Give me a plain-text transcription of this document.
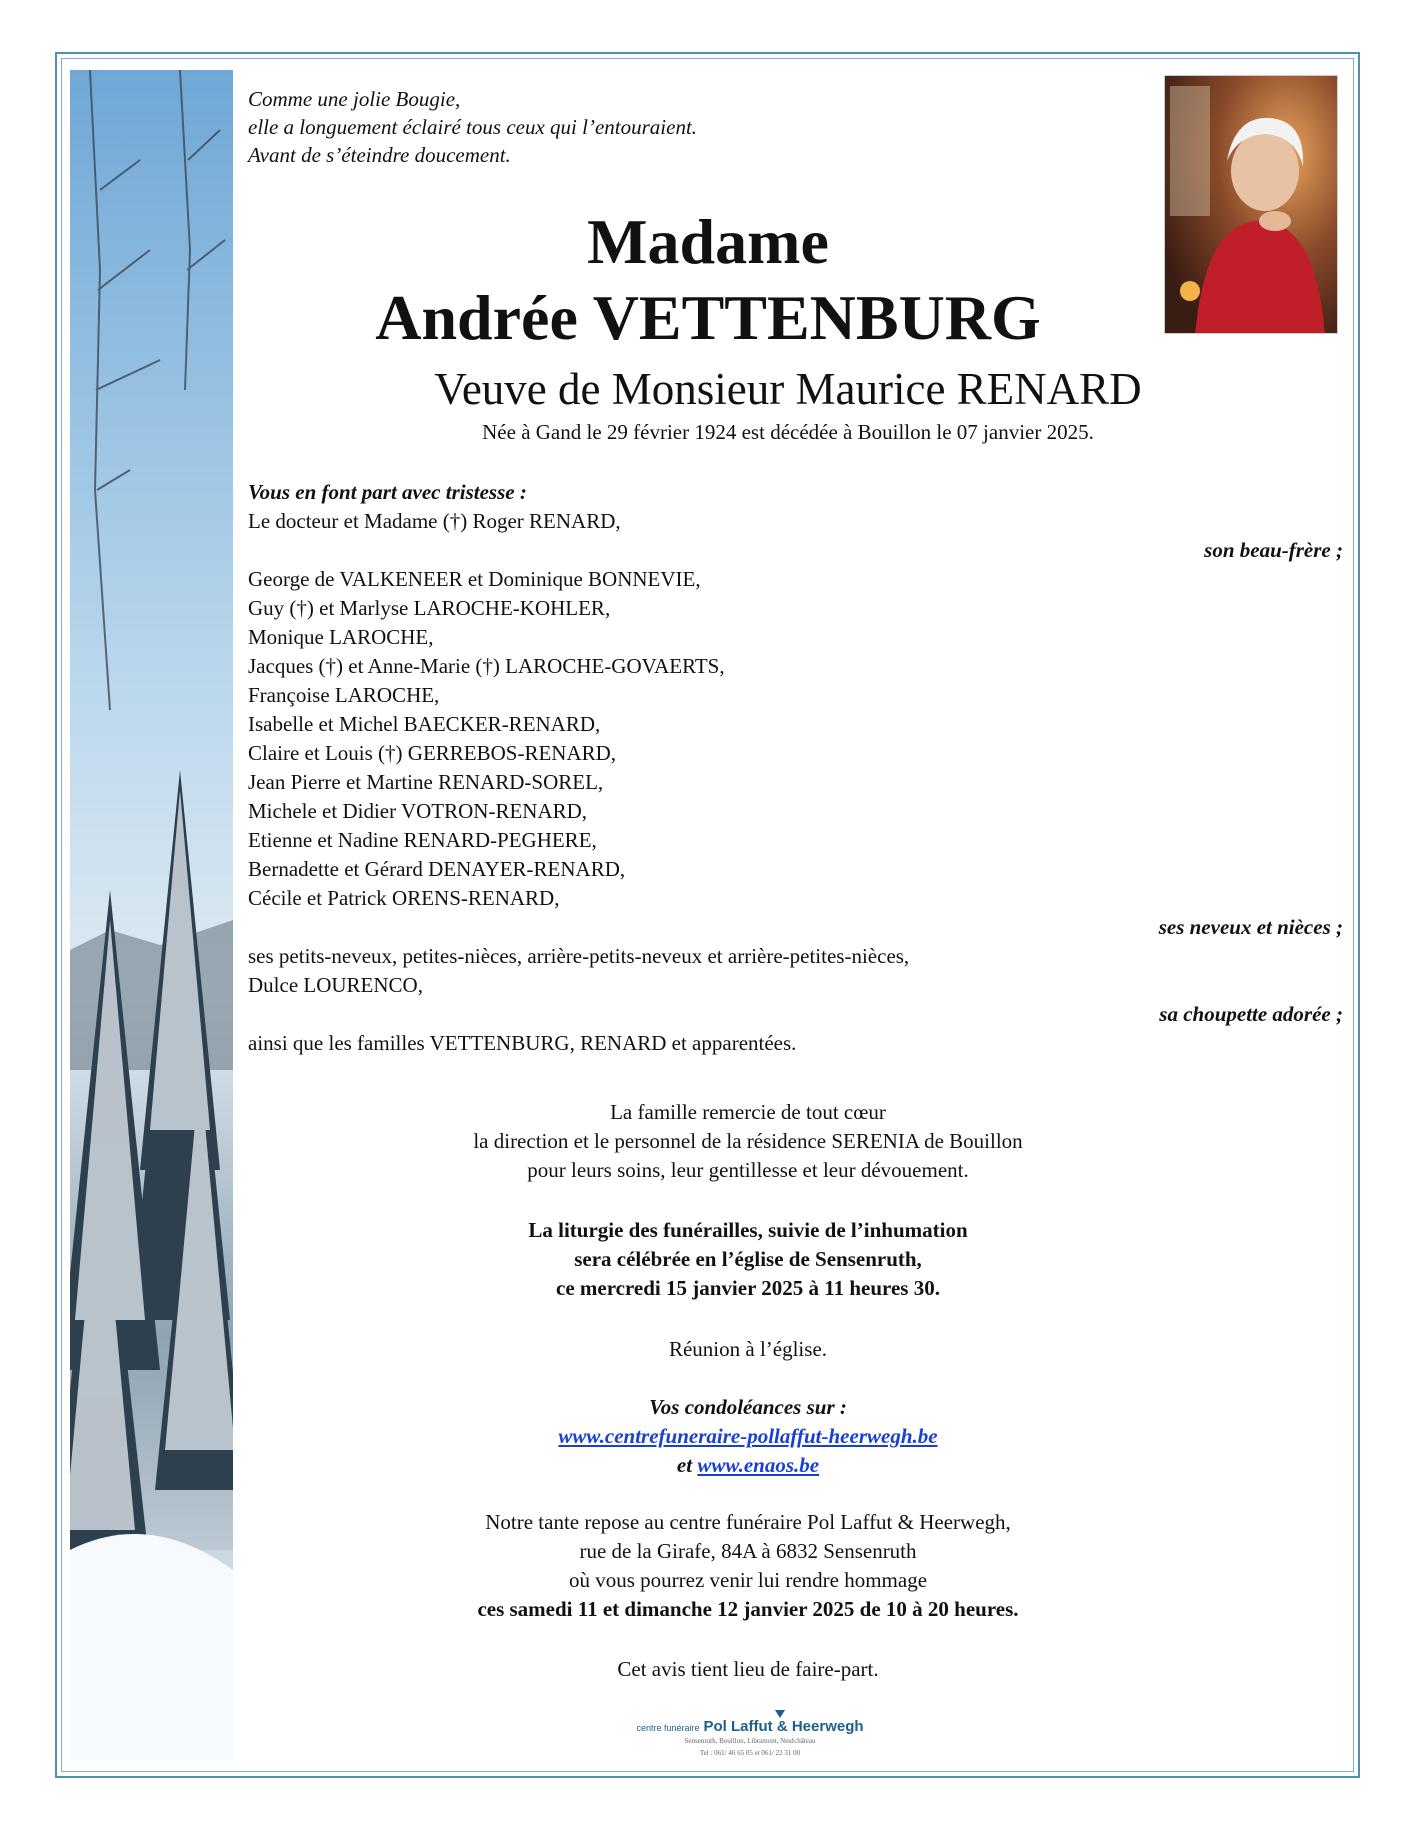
Comme une jolie Bougie,
elle a longuement éclairé tous ceux qui l’entouraient.
Avant de s’éteindre doucement.
Madame
Andrée VETTENBURG
Veuve de Monsieur Maurice RENARD
Née à Gand le 29 février 1924 est décédée à Bouillon le 07 janvier 2025.
Vous en font part avec tristesse :
Le docteur et Madame (†) Roger RENARD,
son beau-frère ;
George de VALKENEER et Dominique BONNEVIE,
Guy (†) et Marlyse LAROCHE-KOHLER,
Monique LAROCHE,
Jacques (†) et Anne-Marie (†) LAROCHE-GOVAERTS,
Françoise LAROCHE,
Isabelle et Michel BAECKER-RENARD,
Claire et Louis (†) GERREBOS-RENARD,
Jean Pierre et Martine RENARD-SOREL,
Michele et Didier VOTRON-RENARD,
Etienne et Nadine RENARD-PEGHERE,
Bernadette et Gérard DENAYER-RENARD,
Cécile et Patrick ORENS-RENARD,
ses neveux et nièces ;
ses petits-neveux, petites-nièces, arrière-petits-neveux et arrière-petites-nièces,
Dulce LOURENCO,
sa choupette adorée ;
ainsi que les familles VETTENBURG, RENARD et apparentées.
La famille remercie de tout cœur
la direction et le personnel de la résidence SERENIA de Bouillon
pour leurs soins, leur gentillesse et leur dévouement.
La liturgie des funérailles, suivie de l’inhumation
sera célébrée en l’église de Sensenruth,
ce mercredi 15 janvier 2025 à 11 heures 30.
Réunion à l’église.
Vos condoléances sur :
www.centrefuneraire-pollaffut-heerwegh.be
et www.enaos.be
Notre tante repose au centre funéraire Pol Laffut & Heerwegh,
rue de la Girafe, 84A à 6832 Sensenruth
où vous pourrez venir lui rendre hommage
ces samedi 11 et dimanche 12 janvier 2025 de 10 à 20 heures.
Cet avis tient lieu de faire-part.
centre funéraire Pol Laffut & Heerwegh
Sensenruth, Bouillon, Libramont, Neufchâteau
Tel : 061/ 46 65 05 et 061/ 22 31 00
